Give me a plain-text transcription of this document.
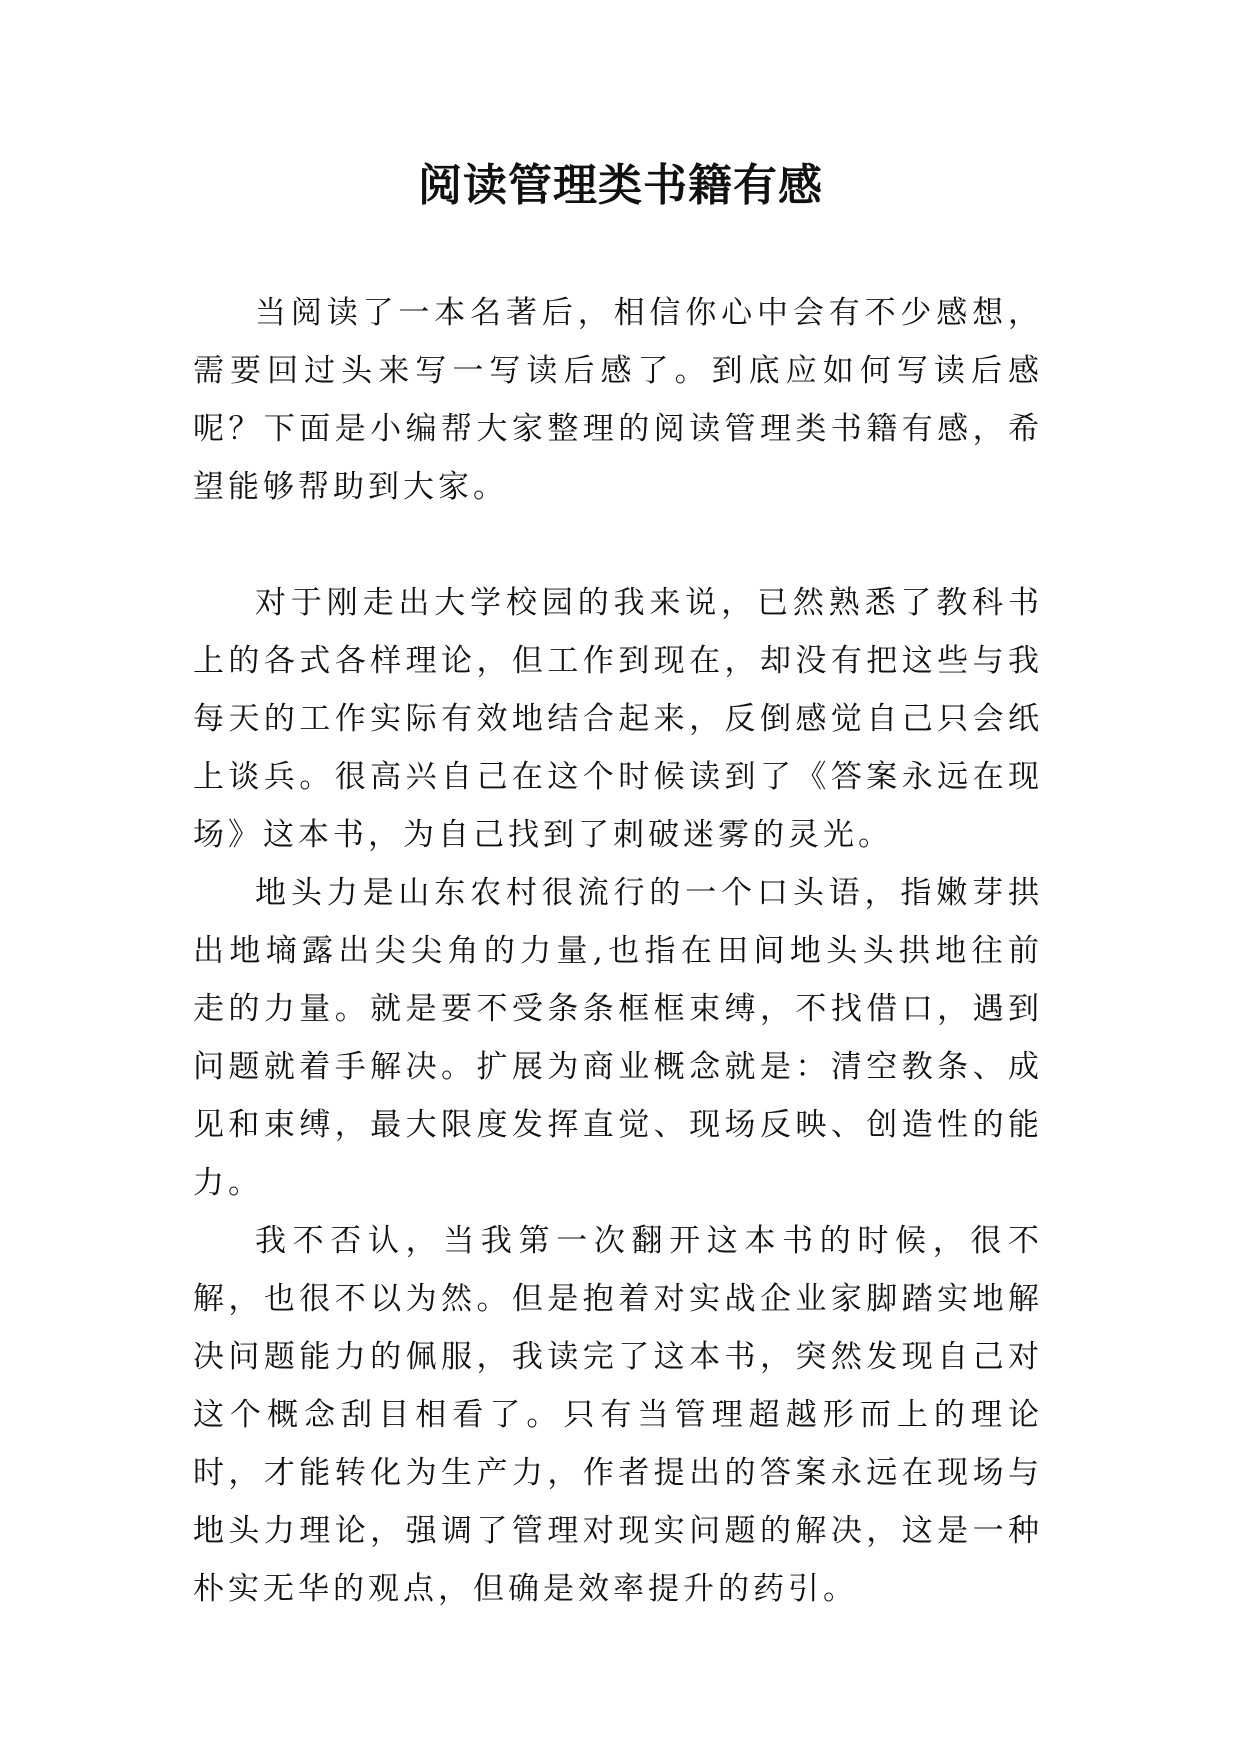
阅读管理类书籍有感

当阅读了一本名著后，相信你心中会有不少感想，需要回过头来写一写读后感了。到底应如何写读后感呢？下面是小编帮大家整理的阅读管理类书籍有感，希望能够帮助到大家。

对于刚走出大学校园的我来说，已然熟悉了教科书上的各式各样理论，但工作到现在，却没有把这些与我每天的工作实际有效地结合起来，反倒感觉自己只会纸上谈兵。很高兴自己在这个时候读到了《答案永远在现场》这本书，为自己找到了刺破迷雾的灵光。

地头力是山东农村很流行的一个口头语，指嫩芽拱出地墒露出尖尖角的力量,也指在田间地头头拱地往前走的力量。就是要不受条条框框束缚，不找借口，遇到问题就着手解决。扩展为商业概念就是：清空教条、成见和束缚，最大限度发挥直觉、现场反映、创造性的能力。

我不否认，当我第一次翻开这本书的时候，很不解，也很不以为然。但是抱着对实战企业家脚踏实地解决问题能力的佩服，我读完了这本书，突然发现自己对这个概念刮目相看了。只有当管理超越形而上的理论时，才能转化为生产力，作者提出的答案永远在现场与地头力理论，强调了管理对现实问题的解决，这是一种朴实无华的观点，但确是效率提升的药引。
